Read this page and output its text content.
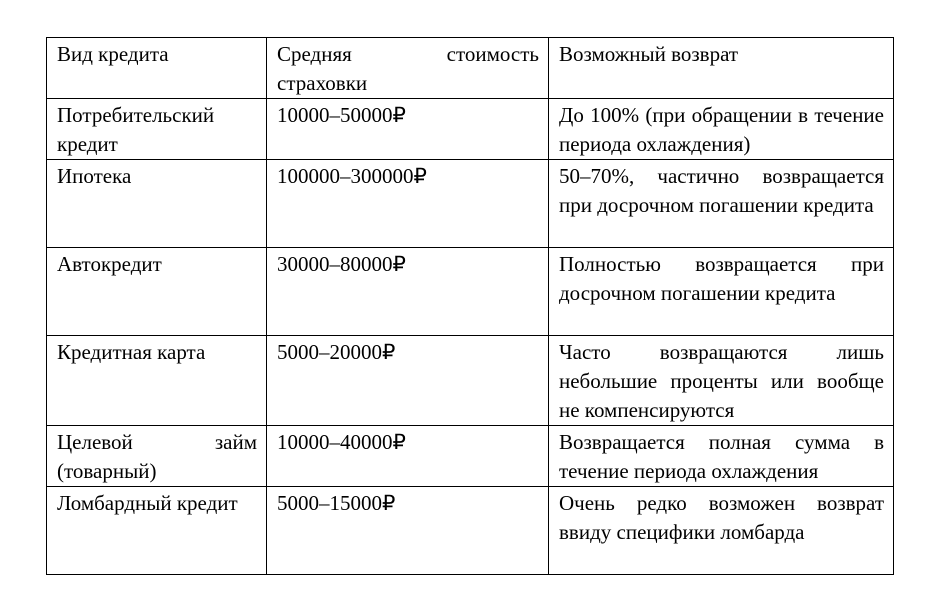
Вид кредита	Средняя стоимость страховки	Возможный возврат
Потребительский кредит	10000–50000₽	До 100% (при обращении в течение периода охлаждения)
Ипотека	100000–300000₽	50–70%, частично возвращается при досрочном погашении кредита
Автокредит	30000–80000₽	Полностью возвращается при досрочном погашении кредита
Кредитная карта	5000–20000₽	Часто возвращаются лишь небольшие проценты или вообще не компенсируются
Целевой займ (товарный)	10000–40000₽	Возвращается полная сумма в течение периода охлаждения
Ломбардный кредит	5000–15000₽	Очень редко возможен возврат ввиду специфики ломбарда
